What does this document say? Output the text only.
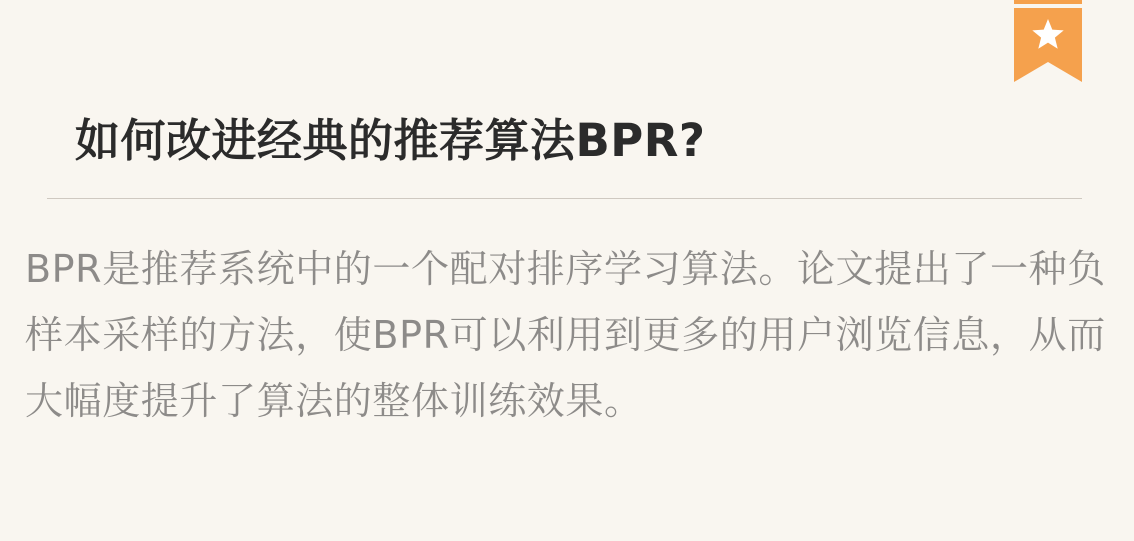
如何改进经典的推荐算法BPR?

BPR是推荐系统中的一个配对排序学习算法。论文提出了一种负样本采样的方法，使BPR可以利用到更多的用户浏览信息，从而大幅度提升了算法的整体训练效果。
